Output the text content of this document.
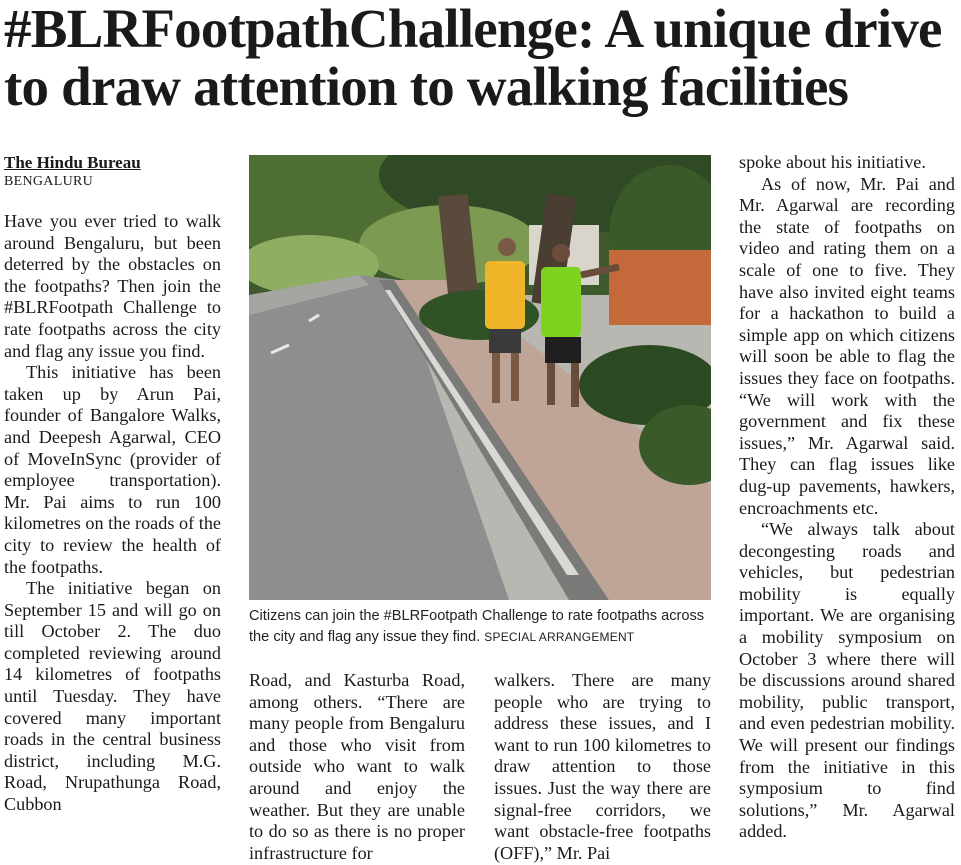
#BLRFootpathChallenge: A unique drive
to draw attention to walking facilities
The Hindu Bureau
BENGALURU

Have you ever tried to walk around Bengaluru, but been deterred by the obstacles on the footpaths? Then join the #BLRFootpath Challenge to rate footpaths across the city and flag any issue you find.

This initiative has been taken up by Arun Pai, founder of Bangalore Walks, and Deepesh Agarwal, CEO of MoveInSync (provider of employee transportation). Mr. Pai aims to run 100 kilometres on the roads of the city to review the health of the footpaths.

The initiative began on September 15 and will go on till October 2. The duo completed reviewing around 14 kilometres of footpaths until Tuesday. They have covered many important roads in the central business district, including M.G. Road, Nrupathunga Road, Cubbon

Citizens can join the #BLRFootpath Challenge to rate footpaths across the city and flag any issue they find. SPECIAL ARRANGEMENT

Road, and Kasturba Road, among others. “There are many people from Bengaluru and those who visit from outside who want to walk around and enjoy the weather. But they are unable to do so as there is no proper infrastructure for

walkers. There are many people who are trying to address these issues, and I want to run 100 kilometres to draw attention to those issues. Just the way there are signal-free corridors, we want obstacle-free footpaths (OFF),” Mr. Pai

spoke about his initiative.

As of now, Mr. Pai and Mr. Agarwal are recording the state of footpaths on video and rating them on a scale of one to five. They have also invited eight teams for a hackathon to build a simple app on which citizens will soon be able to flag the issues they face on footpaths. “We will work with the government and fix these issues,” Mr. Agarwal said. They can flag issues like dug-up pavements, hawkers, encroachments etc.

“We always talk about decongesting roads and vehicles, but pedestrian mobility is equally important. We are organising a mobility symposium on October 3 where there will be discussions around shared mobility, public transport, and even pedestrian mobility. We will present our findings from the initiative in this symposium to find solutions,” Mr. Agarwal added.
